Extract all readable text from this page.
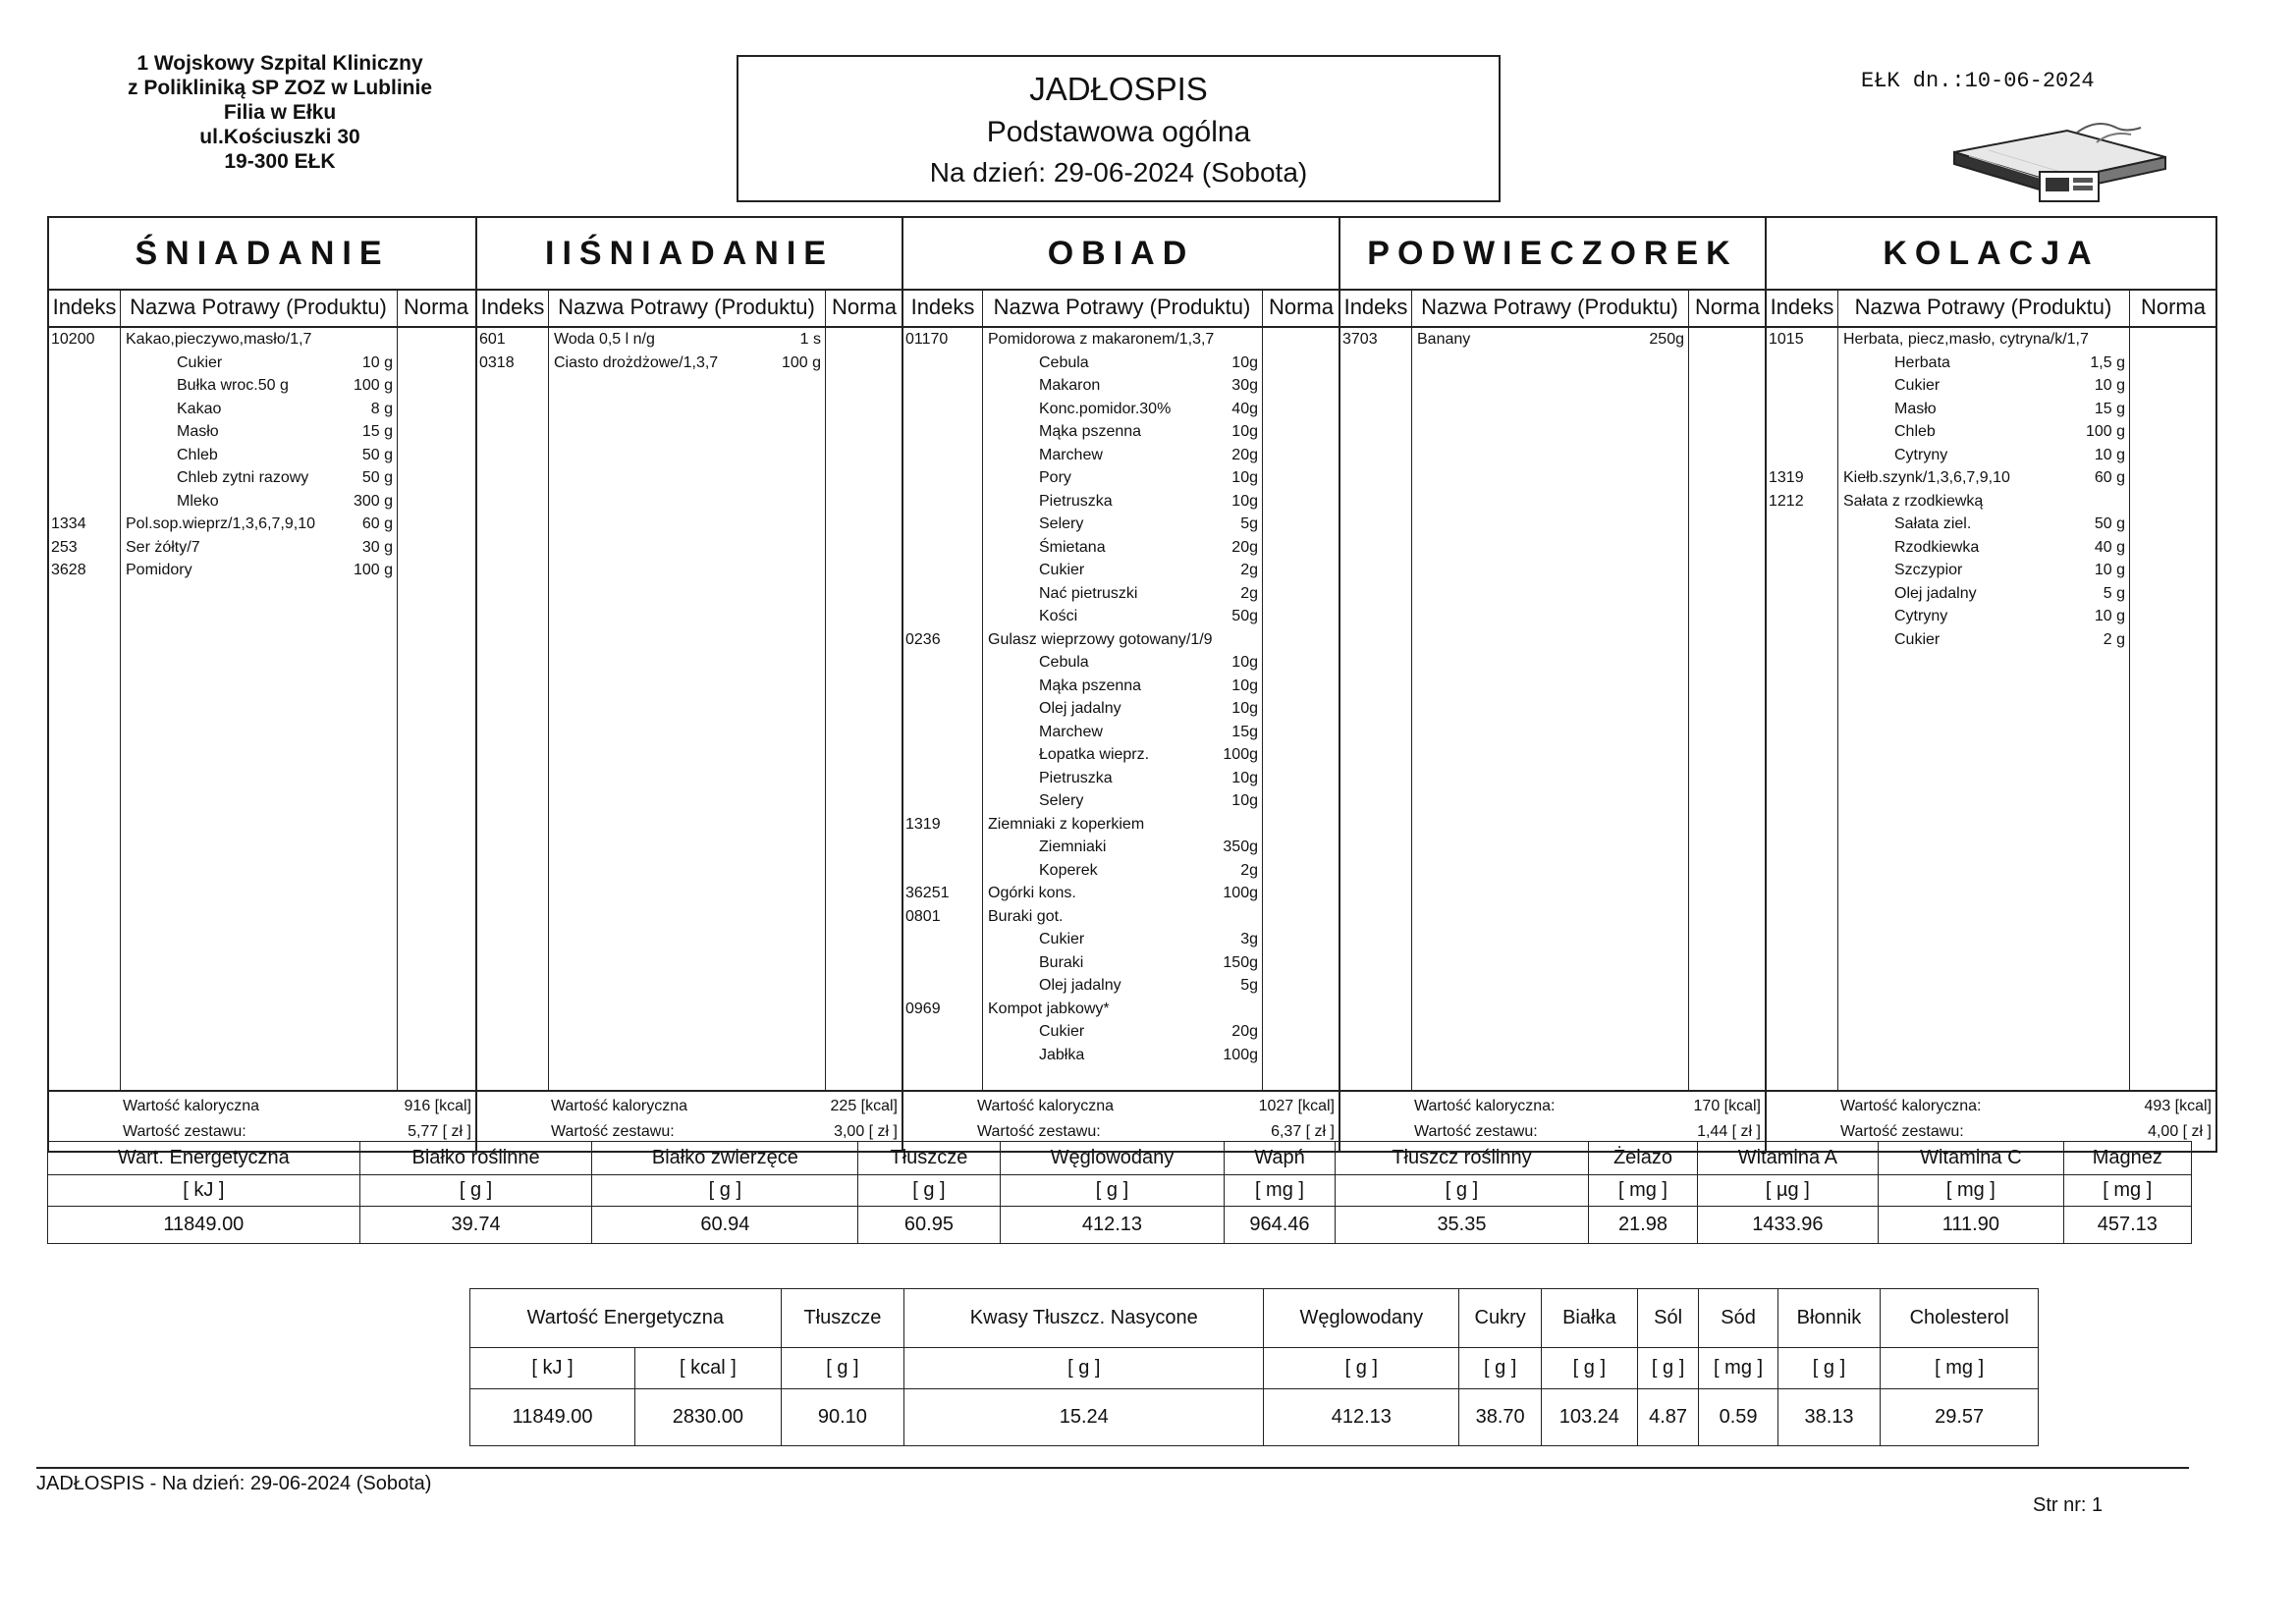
1 Wojskowy Szpital Kliniczny
z Polikliniką SP ZOZ w Lublinie
Filia w Ełku
ul.Kościuszki 30
19-300 EŁK
JADŁOSPIS
Podstawowa ogólna
Na dzień: 29-06-2024 (Sobota)
EŁK dn.:10-06-2024
ŚNIADANIE
Indeks Nazwa Potrawy (Produktu) Norma
10200 Kakao,pieczywo,masło/1,7
Cukier	10 g
Bułka wroc.50 g	100 g
Kakao	8 g
Masło	15 g
Chleb	50 g
Chleb zytni razowy	50 g
Mleko	300 g
1334	Pol.sop.wieprz/1,3,6,7,9,10	60 g
253	Ser żółty/7	30 g
3628	Pomidory	100 g
Wartość kaloryczna	916 [kcal]
Wartość zestawu:	5,77 [ zł ]
IIŚNIADANIE
Indeks Nazwa Potrawy (Produktu) Norma
601	Woda 0,5 l n/g	1 s
0318	Ciasto drożdżowe/1,3,7	100 g
Wartość kaloryczna	225 [kcal]
Wartość zestawu:	3,00 [ zł ]
OBIAD
Indeks Nazwa Potrawy (Produktu) Norma
01170	Pomidorowa z makaronem/1,3,7
Cebula	10g
Makaron	30g
Konc.pomidor.30%	40g
Mąka pszenna	10g
Marchew	20g
Pory	10g
Pietruszka	10g
Selery	5g
Śmietana	20g
Cukier	2g
Nać pietruszki	2g
Kości	50g
0236	Gulasz wieprzowy gotowany/1/9
Cebula	10g
Mąka pszenna	10g
Olej jadalny	10g
Marchew	15g
Łopatka wieprz.	100g
Pietruszka	10g
Selery	10g
1319	Ziemniaki z koperkiem
Ziemniaki	350g
Koperek	2g
36251 Ogórki kons.	100g
0801	Buraki got.
Cukier	3g
Buraki	150g
Olej jadalny	5g
0969	Kompot jabkowy*
Cukier	20g
Jabłka	100g
Wartość kaloryczna	1027 [kcal]
Wartość zestawu:	6,37 [ zł ]
PODWIECZOREK
Indeks Nazwa Potrawy (Produktu) Norma
3703	Banany	250g
Wartość kaloryczna:	170 [kcal]
Wartość zestawu:	1,44 [ zł ]
KOLACJA
Indeks Nazwa Potrawy (Produktu)	Norma
1015	Herbata, piecz,masło, cytryna/k/1,7
Herbata	1,5 g
Cukier	10 g
Masło	15 g
Chleb	100 g
Cytryny	10 g
1319	Kiełb.szynk/1,3,6,7,9,10	60 g
1212	Sałata z rzodkiewką
Sałata ziel.	50 g
Rzodkiewka	40 g
Szczypior	10 g
Olej jadalny	5 g
Cytryny	10 g
Cukier	2 g
Wartość kaloryczna:	493 [kcal]
Wartość zestawu:	4,00 [ zł ]
Wart. Energetyczna	Białko roślinne	Białko zwierzęce	Tłuszcze	Węglowodany	Wapń	Tłuszcz roślinny	Żelazo	Witamina A	Witamina C	Magnez
[ kJ ]	[ g ]	[ g ]	[ g ]	[ g ]	[ mg ]	[ g ]	[ mg ]	[ µg ]	[ mg ]	[ mg ]
11849.00	39.74	60.94	60.95	412.13	964.46	35.35	21.98	1433.96	111.90	457.13
Wartość Energetyczna		Tłuszcze	Kwasy Tłuszcz. Nasycone	Węglowodany	Cukry	Białka	Sól	Sód	Błonnik	Cholesterol
[ kJ ]	[ kcal ]	[ g ]	[ g ]	[ g ]	[ g ]	[ g ]	[ g ]	[ mg ]	[ g ]	[ mg ]
11849.00	2830.00	90.10	15.24	412.13	38.70	103.24	4.87	0.59	38.13	29.57
JADŁOSPIS - Na dzień: 29-06-2024 (Sobota)
Str nr: 1
